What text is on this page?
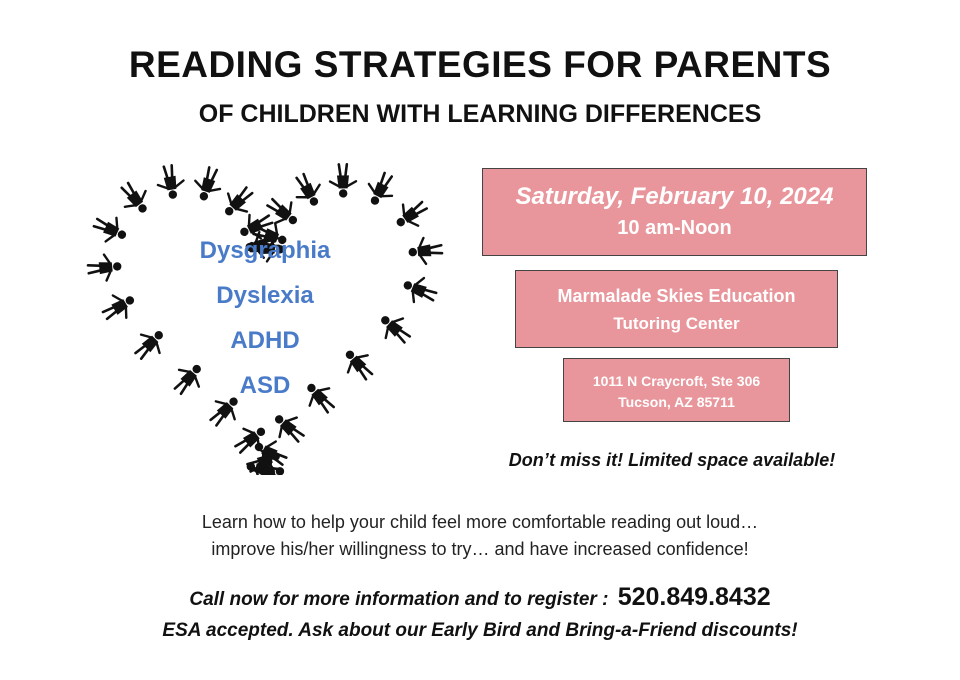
READING STRATEGIES FOR PARENTS
OF CHILDREN WITH LEARNING DIFFERENCES
Dysgraphia
Dyslexia
ADHD
ASD
Saturday, February 10, 2024
10 am-Noon
Marmalade Skies Education
Tutoring Center
1011 N Craycroft, Ste 306
Tucson, AZ 85711
Don’t miss it! Limited space available!
Learn how to help your child feel more comfortable reading out loud…
improve his/her willingness to try… and have increased confidence!
Call now for more information and to register : 520.849.8432
ESA accepted. Ask about our Early Bird and Bring-a-Friend discounts!
